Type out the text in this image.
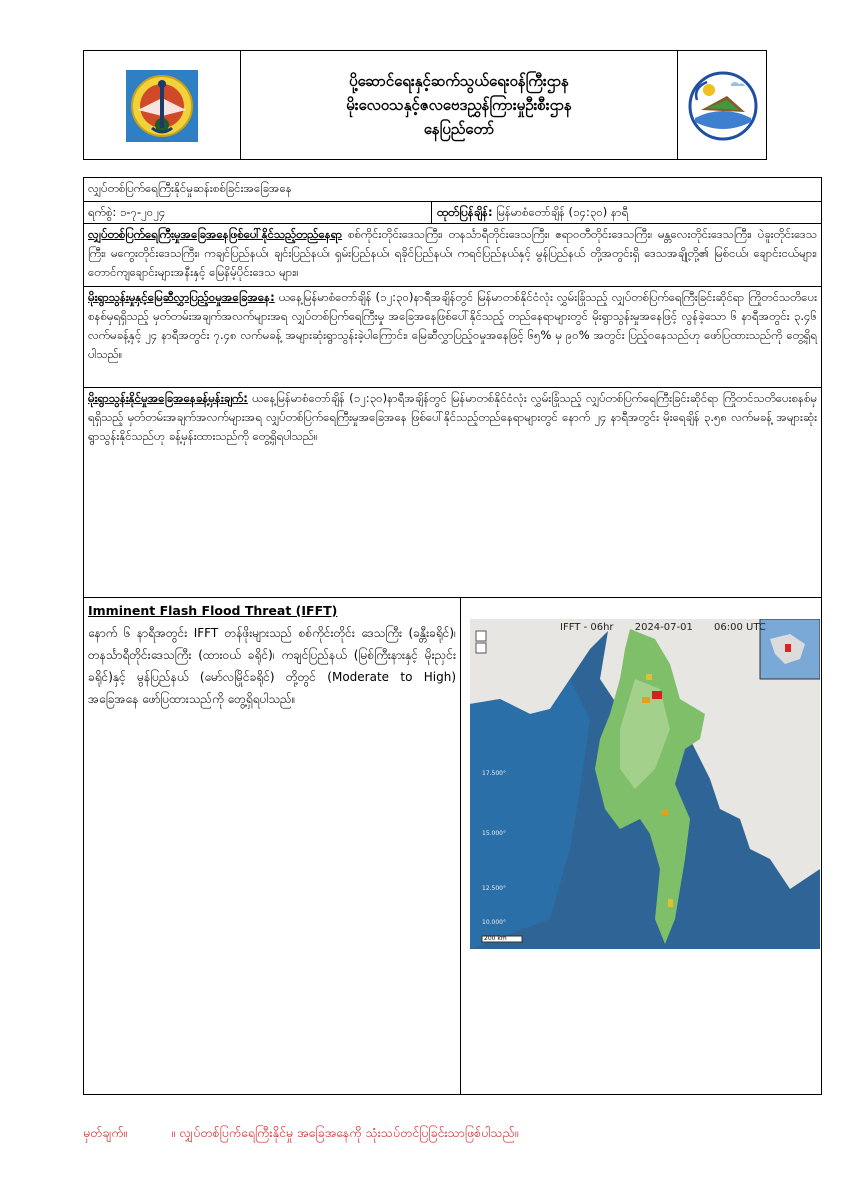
ပို့ဆောင်ရေးနှင့်ဆက်သွယ်ရေးဝန်ကြီးဌာန
မိုးလေဝသနှင့်ဇလဗေဒညွှန်ကြားမှုဦးစီးဌာန
နေပြည်တော်
လျှပ်တစ်ပြက်ရေကြီးနိုင်မှုဆန်းစစ်ခြင်းအခြေအနေ
ရက်စွဲ: ၁-၇-၂၀၂၄	ထုတ်ပြန်ချိန်: မြန်မာစံတော်ချိန် (၁၄:၃၀) နာရီ
လျှပ်တစ်ပြက်ရေကြီးမှုအခြေအနေဖြစ်ပေါ်နိုင်သည့်တည်နေရာ စစ်ကိုင်းတိုင်းဒေသကြီး၊ တနင်္သာရီတိုင်းဒေသကြီး၊ ဧရာဝတီတိုင်းဒေသကြီး၊ မန္တလေးတိုင်းဒေသကြီး၊ ပဲခူးတိုင်းဒေသကြီး၊ မကွေးတိုင်းဒေသကြီး၊ ကချင်ပြည်နယ်၊ ချင်းပြည်နယ်၊ ရှမ်းပြည်နယ်၊ ရခိုင်ပြည်နယ်၊ ကရင်ပြည်နယ်နှင့် မွန်ပြည်နယ် တို့အတွင်းရှိ ဒေသအချို့တို့၏ မြစ်ငယ်၊ ချောင်းငယ်များ၊ တောင်ကျချောင်းများအနီးနှင့် မြေနိမ့်ပိုင်းဒေသ များ။
မိုးရွာသွန်းမှုနှင့်မြေဆီလွှာပြည့်ဝမှုအခြေအနေ: ယနေ့မြန်မာစံတော်ချိန် (၁၂:၃၀)နာရီအချိန်တွင် မြန်မာတစ်နိုင်ငံလုံး လွှမ်းခြုံသည့် လျှပ်တစ်ပြက်ရေကြီးခြင်းဆိုင်ရာ ကြိုတင်သတိပေးစနစ်မှရရှိသည့် မှတ်တမ်းအချက်အလက်များအရ လျှပ်တစ်ပြက်ရေကြီးမှု အခြေအနေဖြစ်ပေါ်နိုင်သည့် တည်နေရာများတွင် မိုးရွာသွန်းမှုအနေဖြင့် လွန်ခဲ့သော ၆ နာရီအတွင်း ၃.၄၆ လက်မခန့်နှင့် ၂၄ နာရီအတွင်း ၇.၄၈ လက်မခန့် အများဆုံးရွာသွန်းခဲ့ပါကြောင်း၊ မြေဆီလွှာပြည့်ဝမှုအနေဖြင့် ၆၅% မှ ၉၀% အတွင်း ပြည့်ဝနေသည်ဟု ဖော်ပြထားသည်ကို တွေ့ရှိရပါသည်။
မိုးရွာသွန်းနိုင်မှုအခြေအနေခန့်မှန်းချက်: ယနေ့မြန်မာစံတော်ချိန် (၁၂:၃၀)နာရီအချိန်တွင် မြန်မာတစ်နိုင်ငံလုံး လွှမ်းခြုံသည့် လျှပ်တစ်ပြက်ရေကြီးခြင်းဆိုင်ရာ ကြိုတင်သတိပေးစနစ်မှ ရရှိသည့် မှတ်တမ်းအချက်အလက်များအရ လျှပ်တစ်ပြက်ရေကြီးမှုအခြေအနေ ဖြစ်ပေါ်နိုင်သည့်တည်နေရာများတွင် နောက် ၂၄ နာရီအတွင်း မိုးရေချိန် ၃.၅၈ လက်မခန့် အများဆုံး ရွာသွန်းနိုင်သည်ဟု ခန့်မှန်းထားသည်ကို တွေ့ရှိရပါသည်။
Imminent Flash Flood Threat (IFFT)
နောက် ၆ နာရီအတွင်း IFFT တန်ဖိုးများသည် စစ်ကိုင်းတိုင်း ဒေသကြီး (ခန္တီးခရိုင်)၊ တနင်္သာရီတိုင်းဒေသကြီး (ထားဝယ် ခရိုင်)၊ ကချင်ပြည်နယ် (မြစ်ကြီးနားနှင့် မိုးညှင်းခရိုင်)နှင့် မွန်ပြည်နယ် (မော်လမြိုင်ခရိုင်) တို့တွင် (Moderate to High) အခြေအနေ ဖော်ပြထားသည်ကို တွေ့ရှိရပါသည်။
IFFT - 06hr 2024-07-01 06:00 UTC
17.500°
15.000°
12.500°
10.000°
200 km
မှတ်ချက်။	။ လျှပ်တစ်ပြက်ရေကြီးနိုင်မှု အခြေအနေကို သုံးသပ်တင်ပြခြင်းသာဖြစ်ပါသည်။
